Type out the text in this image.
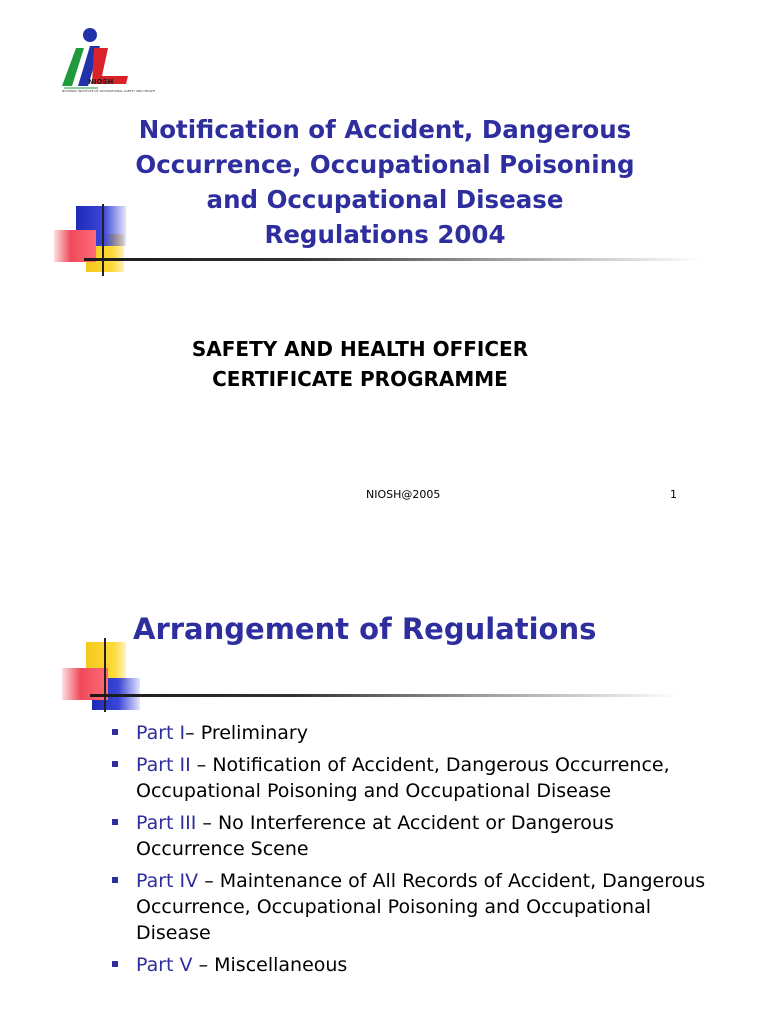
NIOSH
NATIONAL INSTITUTE OF OCCUPATIONAL SAFETY AND HEALTH
Notification of Accident, Dangerous
Occurrence, Occupational Poisoning
and Occupational Disease
Regulations 2004
SAFETY AND HEALTH OFFICER
CERTIFICATE PROGRAMME
NIOSH@2005	1
Arrangement of Regulations
Part I– Preliminary
Part II – Notification of Accident, Dangerous Occurrence, Occupational Poisoning and Occupational Disease
Part III – No Interference at Accident or Dangerous Occurrence Scene
Part IV – Maintenance of All Records of Accident, Dangerous Occurrence, Occupational Poisoning and Occupational Disease
Part V – Miscellaneous
